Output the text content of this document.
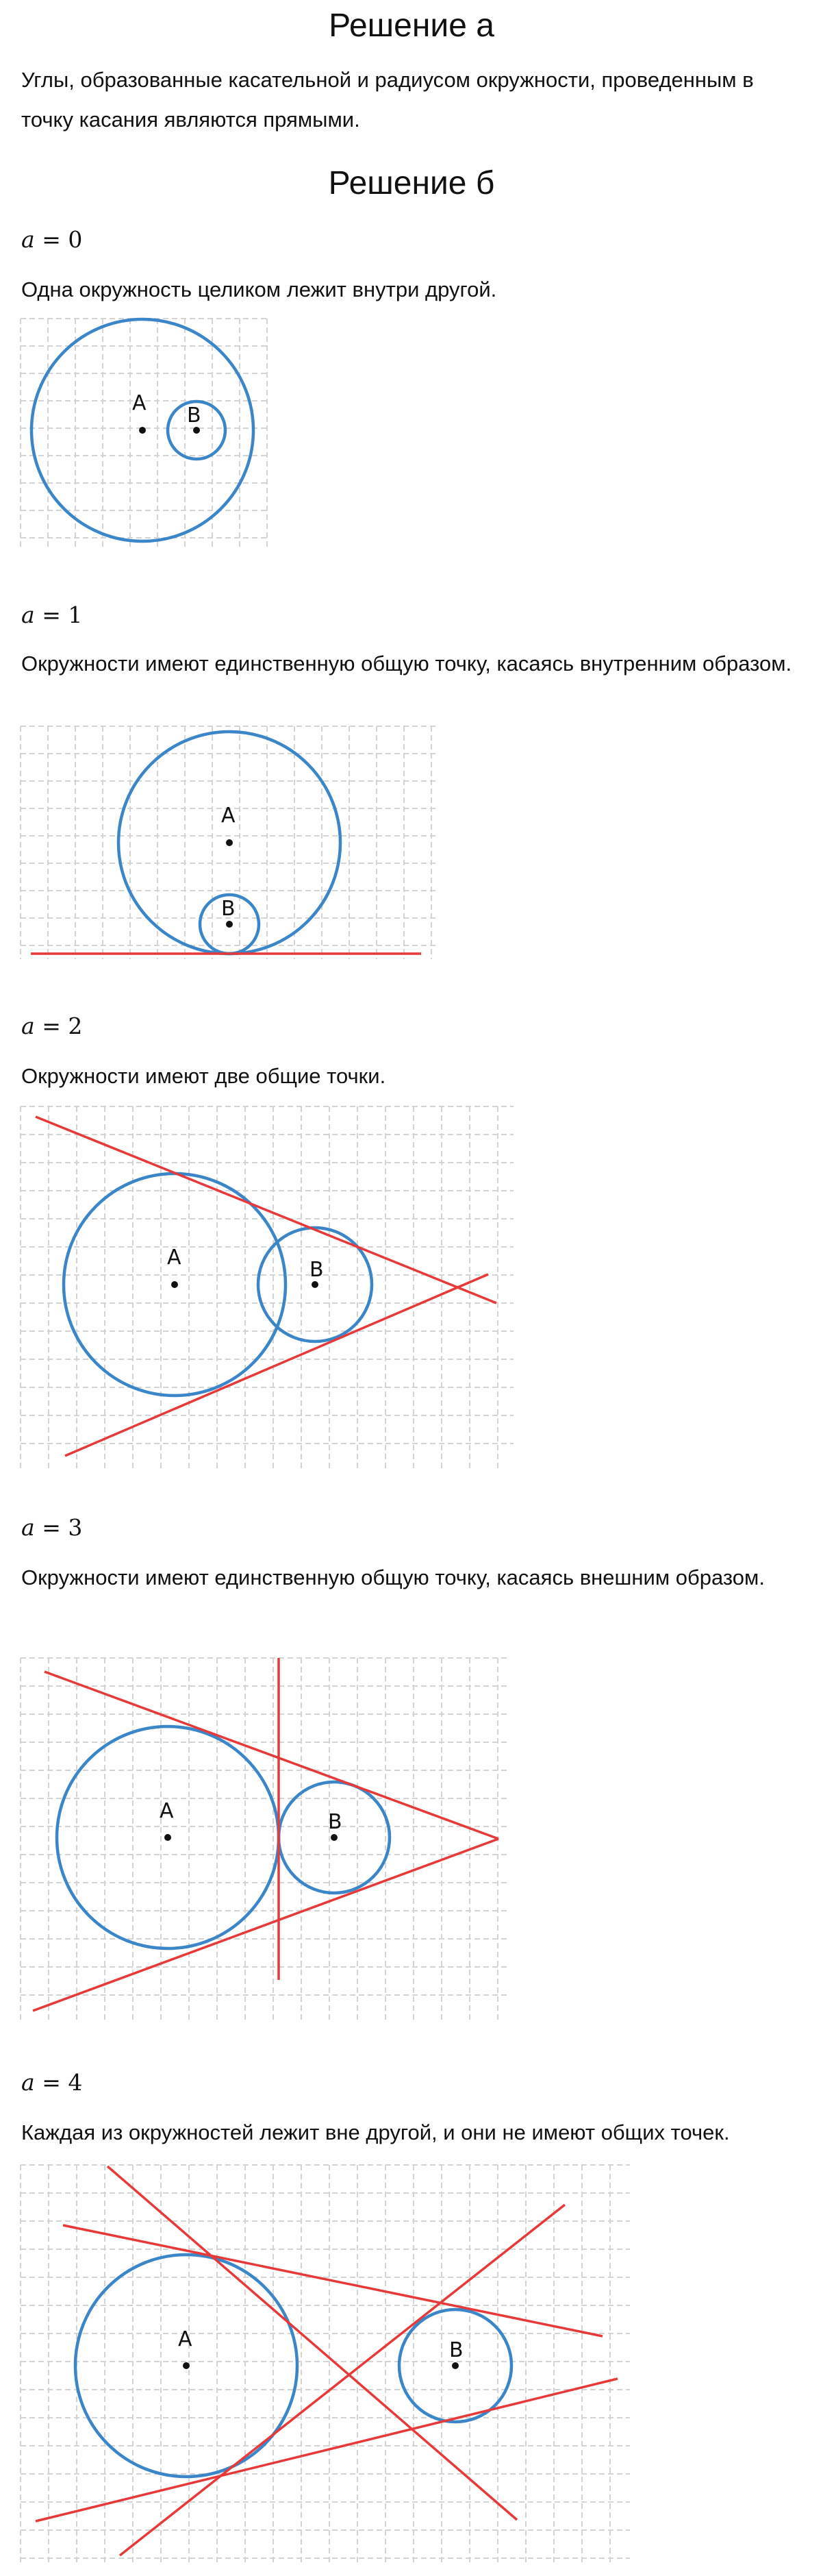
Решение а
Углы, образованные касательной и радиусом окружности, проведенным в точку касания являются прямыми.
Решение б
a = 0
Одна окружность целиком лежит внутри другой.
A
B
a = 1
Окружности имеют единственную общую точку, касаясь внутренним образом.
A
B
a = 2
Окружности имеют две общие точки.
A
B
a = 3
Окружности имеют единственную общую точку, касаясь внешним образом.
A	B
a = 4
Каждая из окружностей лежит вне другой, и они не имеют общих точек.
A	B
